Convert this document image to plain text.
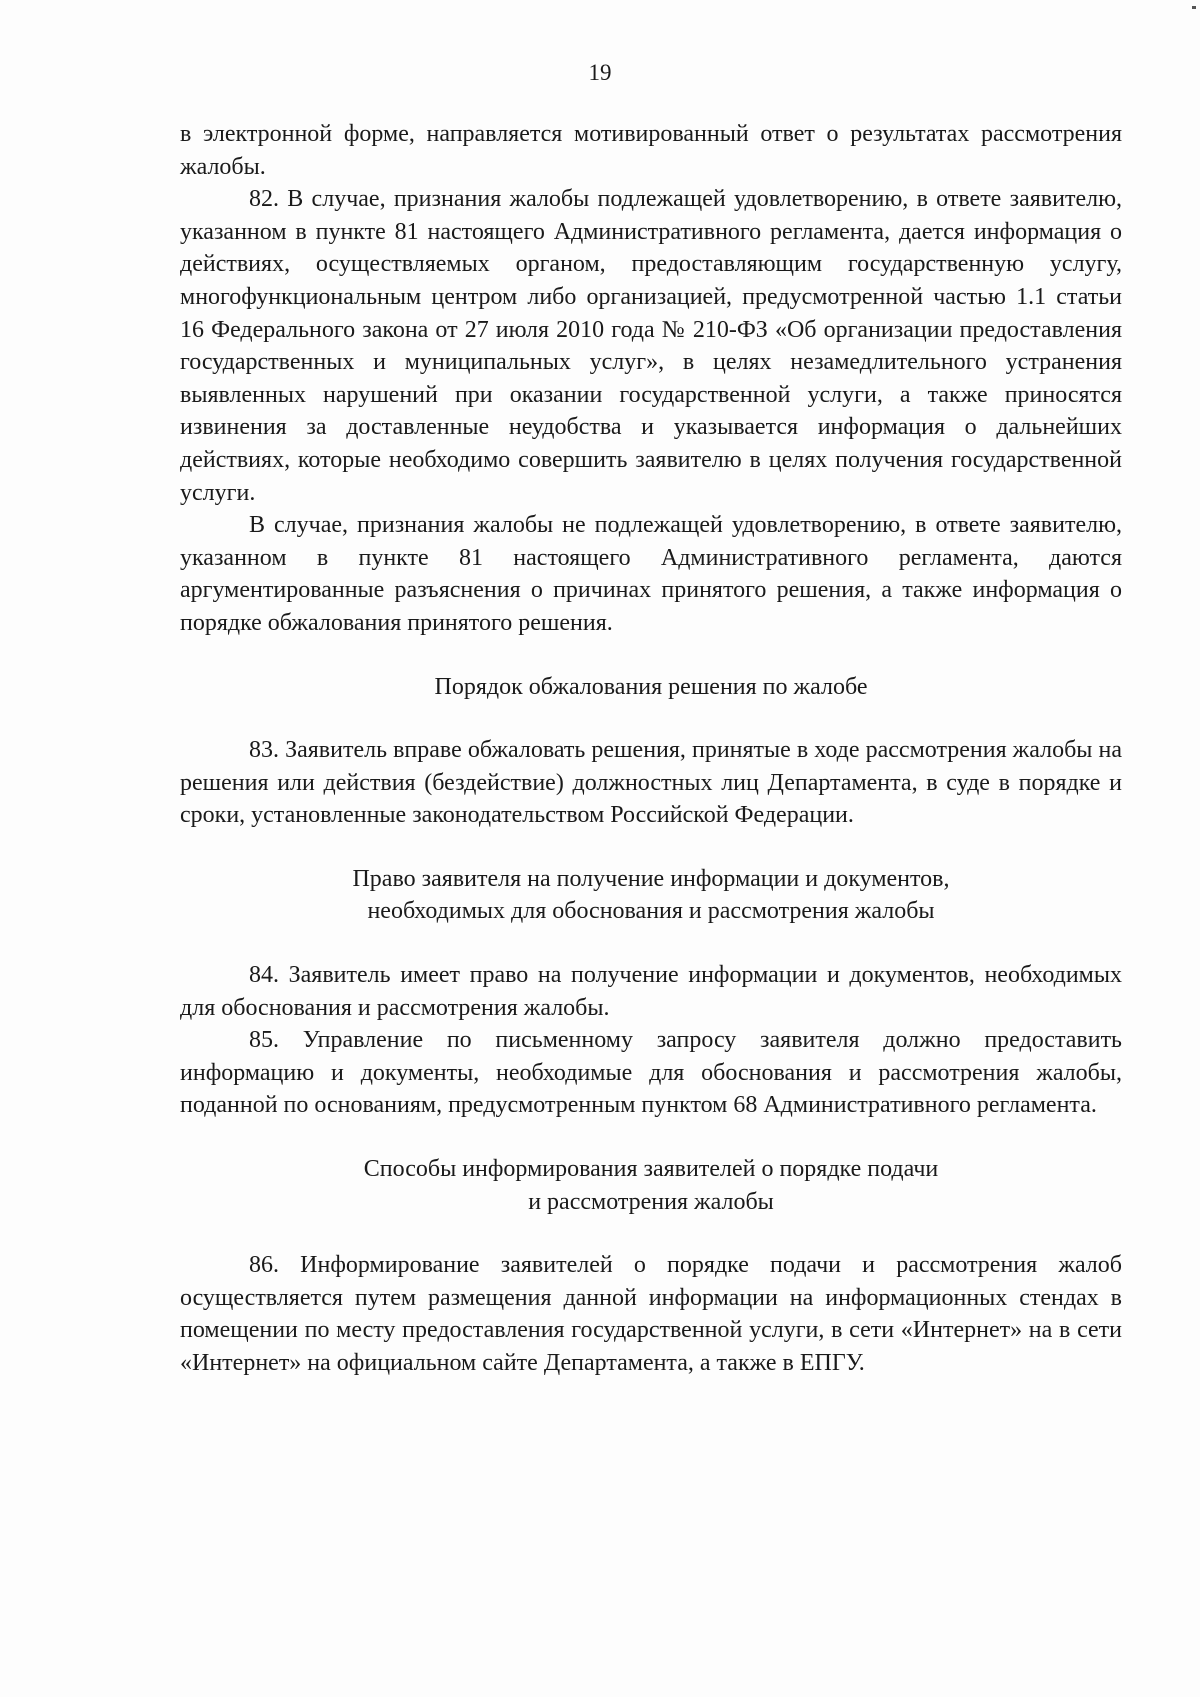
19

в электронной форме, направляется мотивированный ответ о результатах рассмотрения жалобы.

82. В случае, признания жалобы подлежащей удовлетворению, в ответе заявителю, указанном в пункте 81 настоящего Административного регламента, дается информация о действиях, осуществляемых органом, предоставляющим государственную услугу, многофункциональным центром либо организацией, предусмотренной частью 1.1 статьи 16 Федерального закона от 27 июля 2010 года № 210-ФЗ «Об организации предоставления государственных и муниципальных услуг», в целях незамедлительного устранения выявленных нарушений при оказании государственной услуги, а также приносятся извинения за доставленные неудобства и указывается информация о дальнейших действиях, которые необходимо совершить заявителю в целях получения государственной услуги.

В случае, признания жалобы не подлежащей удовлетворению, в ответе заявителю, указанном в пункте 81 настоящего Административного регламента, даются аргументированные разъяснения о причинах принятого решения, а также информация о порядке обжалования принятого решения.

Порядок обжалования решения по жалобе

83. Заявитель вправе обжаловать решения, принятые в ходе рассмотрения жалобы на решения или действия (бездействие) должностных лиц Департамента, в суде в порядке и сроки, установленные законодательством Российской Федерации.

Право заявителя на получение информации и документов,

необходимых для обоснования и рассмотрения жалобы

84. Заявитель имеет право на получение информации и документов, необходимых для обоснования и рассмотрения жалобы.

85. Управление по письменному запросу заявителя должно предоставить информацию и документы, необходимые для обоснования и рассмотрения жалобы, поданной по основаниям, предусмотренным пунктом 68 Административного регламента.

Способы информирования заявителей о порядке подачи

и рассмотрения жалобы

86. Информирование заявителей о порядке подачи и рассмотрения жалоб осуществляется путем размещения данной информации на информационных стендах в помещении по месту предоставления государственной услуги, в сети «Интернет» на в сети «Интернет» на официальном сайте Департамента, а также в ЕПГУ.
